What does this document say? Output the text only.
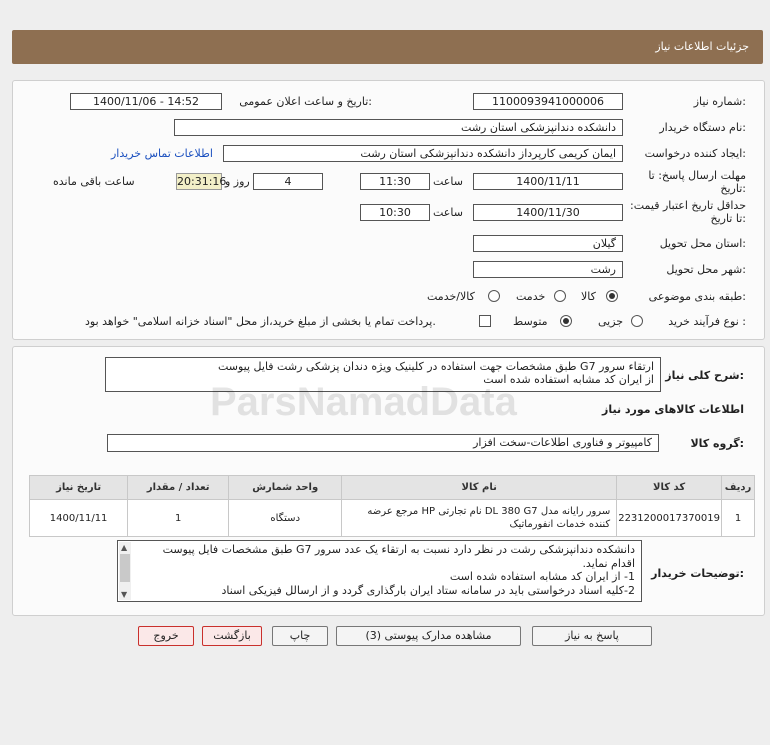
جزئیات اطلاعات نیاز
شماره نیاز:
1100093941000006
تاریخ و ساعت اعلان عمومی:
1400/11/06 - 14:52
نام دستگاه خریدار:
دانشکده دندانپزشکی استان رشت
ایجاد کننده درخواست:
ایمان کریمی کارپرداز دانشکده دندانپزشکی استان رشت
اطلاعات تماس خریدار
مهلت ارسال پاسخ: تا تاریخ:
1400/11/11
ساعت
11:30
4
روز و
20:31:16
ساعت باقی مانده
حداقل تاریخ اعتبار قیمت: تا تاریخ:
1400/11/30
ساعت
10:30
استان محل تحویل:
گیلان
شهر محل تحویل:
رشت
طبقه بندی موضوعی:
کالا
خدمت
کالا/خدمت
نوع فرآیند خرید :
جزیی
متوسط
پرداخت تمام یا بخشی از مبلغ خرید،از محل "اسناد خزانه اسلامی" خواهد بود.
شرح کلی نیاز:
ارتقاء سرور G7 طبق مشخصات جهت استفاده در کلینیک ویژه دندان پزشکی رشت فایل پیوست
از ایران کد مشابه استفاده شده است
اطلاعات کالاهای مورد نیاز
گروه کالا:
کامپیوتر و فناوری اطلاعات-سخت افزار
ردیف	کد کالا	نام کالا	واحد شمارش	تعداد / مقدار	تاریخ نیاز
1	2231200017370019	سرور رایانه مدل DL 380 G7 نام تجارتی HP مرجع عرضه کننده خدمات انفورماتیک	دستگاه	1	1400/11/11
توضیحات خریدار:
▲
▼
دانشکده دندانپزشکی رشت در نظر دارد نسبت به ارتقاء یک عدد سرور G7 طبق مشخصات فایل پیوست اقدام نماید.
1- از ایران کد مشابه استفاده شده است
2-کلیه اسناد درخواستی باید در سامانه ستاد ایران بارگذاری گردد و از ارسالل فیزیکی اسناد
پاسخ به نیاز
مشاهده مدارک پیوستی (3)
چاپ
بازگشت
خروج
